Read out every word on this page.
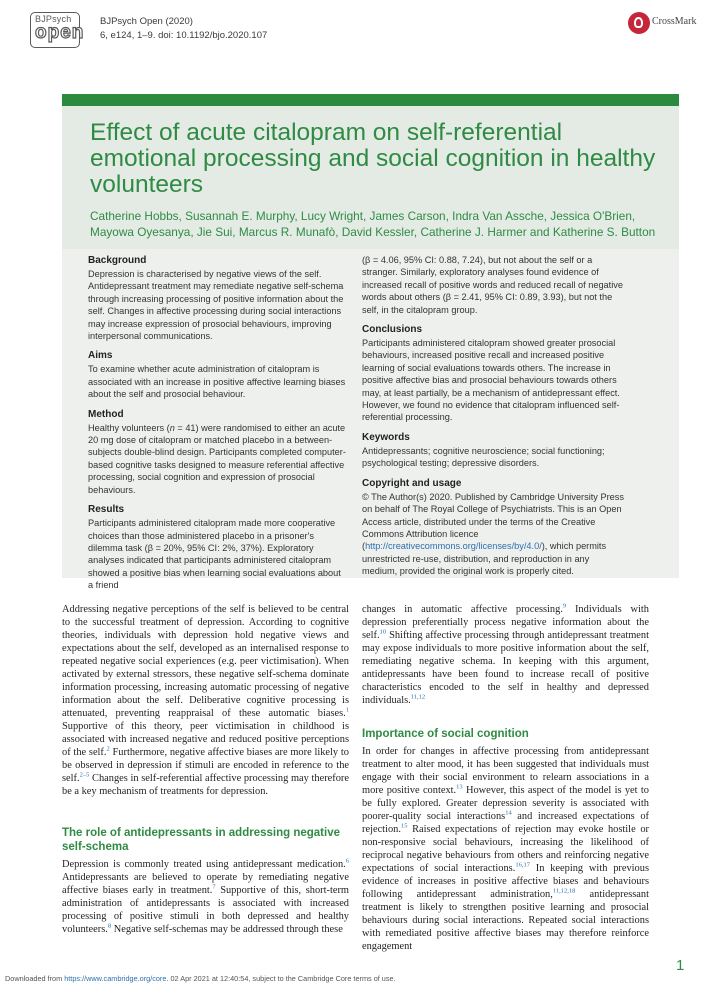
BJPsych
open
BJPsych Open (2020)
6, e124, 1–9. doi: 10.1192/bjo.2020.107
CrossMark
Effect of acute citalopram on self-referential emotional processing and social cognition in healthy volunteers
Catherine Hobbs, Susannah E. Murphy, Lucy Wright, James Carson, Indra Van Assche, Jessica O'Brien, Mayowa Oyesanya, Jie Sui, Marcus R. Munafò, David Kessler, Catherine J. Harmer and Katherine S. Button
Background

Depression is characterised by negative views of the self. Antidepressant treatment may remediate negative self-schema through increasing processing of positive information about the self. Changes in affective processing during social interactions may increase expression of prosocial behaviours, improving interpersonal communications.

Aims

To examine whether acute administration of citalopram is associated with an increase in positive affective learning biases about the self and prosocial behaviour.

Method

Healthy volunteers (n = 41) were randomised to either an acute 20 mg dose of citalopram or matched placebo in a between-subjects double-blind design. Participants completed computer-based cognitive tasks designed to measure referential affective processing, social cognition and expression of prosocial behaviours.

Results

Participants administered citalopram made more cooperative choices than those administered placebo in a prisoner's dilemma task (β = 20%, 95% CI: 2%, 37%). Exploratory analyses indicated that participants administered citalopram showed a positive bias when learning social evaluations about a friend

(β = 4.06, 95% CI: 0.88, 7.24), but not about the self or a stranger. Similarly, exploratory analyses found evidence of increased recall of positive words and reduced recall of negative words about others (β = 2.41, 95% CI: 0.89, 3.93), but not the self, in the citalopram group.

Conclusions

Participants administered citalopram showed greater prosocial behaviours, increased positive recall and increased positive learning of social evaluations towards others. The increase in positive affective bias and prosocial behaviours towards others may, at least partially, be a mechanism of antidepressant effect. However, we found no evidence that citalopram influenced self-referential processing.

Keywords

Antidepressants; cognitive neuroscience; social functioning; psychological testing; depressive disorders.

Copyright and usage

© The Author(s) 2020. Published by Cambridge University Press on behalf of The Royal College of Psychiatrists. This is an Open Access article, distributed under the terms of the Creative Commons Attribution licence (http://creativecommons.org/licenses/by/4.0/), which permits unrestricted re-use, distribution, and reproduction in any medium, provided the original work is properly cited.

Addressing negative perceptions of the self is believed to be central to the successful treatment of depression. According to cognitive theories, individuals with depression hold negative views and expectations about the self, developed as an internalised response to repeated negative social experiences (e.g. peer victimisation). When activated by external stressors, these negative self-schema dominate information processing, increasing automatic processing of negative information about the self. Deliberative cognitive processing is attenuated, preventing reappraisal of these automatic biases.$^1$ Supportive of this theory, peer victimisation in childhood is associated with increased negative and reduced positive perceptions of the self.$^2$ Furthermore, negative affective biases are more likely to be observed in depression if stimuli are encoded in reference to the self.$^{2-5}$ Changes in self-referential affective processing may therefore be a key mechanism of treatments for depression.

The role of antidepressants in addressing negative self-schema

Depression is commonly treated using antidepressant medication.$^6$ Antidepressants are believed to operate by remediating negative affective biases early in treatment.$^7$ Supportive of this, short-term administration of antidepressants is associated with increased processing of positive stimuli in both depressed and healthy volunteers.$^8$ Negative self-schemas may be addressed through these

changes in automatic affective processing.$^9$ Individuals with depression preferentially process negative information about the self.$^{10}$ Shifting affective processing through antidepressant treatment may expose individuals to more positive information about the self, remediating negative schema. In keeping with this argument, antidepressants have been found to increase recall of positive characteristics encoded to the self in healthy and depressed individuals.$^{11,12}$

Importance of social cognition

In order for changes in affective processing from antidepressant treatment to alter mood, it has been suggested that individuals must engage with their social environment to relearn associations in a more positive context.$^{13}$ However, this aspect of the model is yet to be fully explored. Greater depression severity is associated with poorer-quality social interactions$^{14}$ and increased expectations of rejection.$^{15}$ Raised expectations of rejection may evoke hostile or non-responsive social behaviours, increasing the likelihood of reciprocal negative behaviours from others and reinforcing negative expectations of social interactions.$^{16,17}$ In keeping with previous evidence of increases in positive affective biases and behaviours following antidepressant administration,$^{11,12,18}$ antidepressant treatment is likely to strengthen positive learning and prosocial behaviours during social interactions. Repeated social interactions with remediated positive affective biases may therefore reinforce engagement

Downloaded from https://www.cambridge.org/core. 02 Apr 2021 at 12:40:54, subject to the Cambridge Core terms of use.
1
